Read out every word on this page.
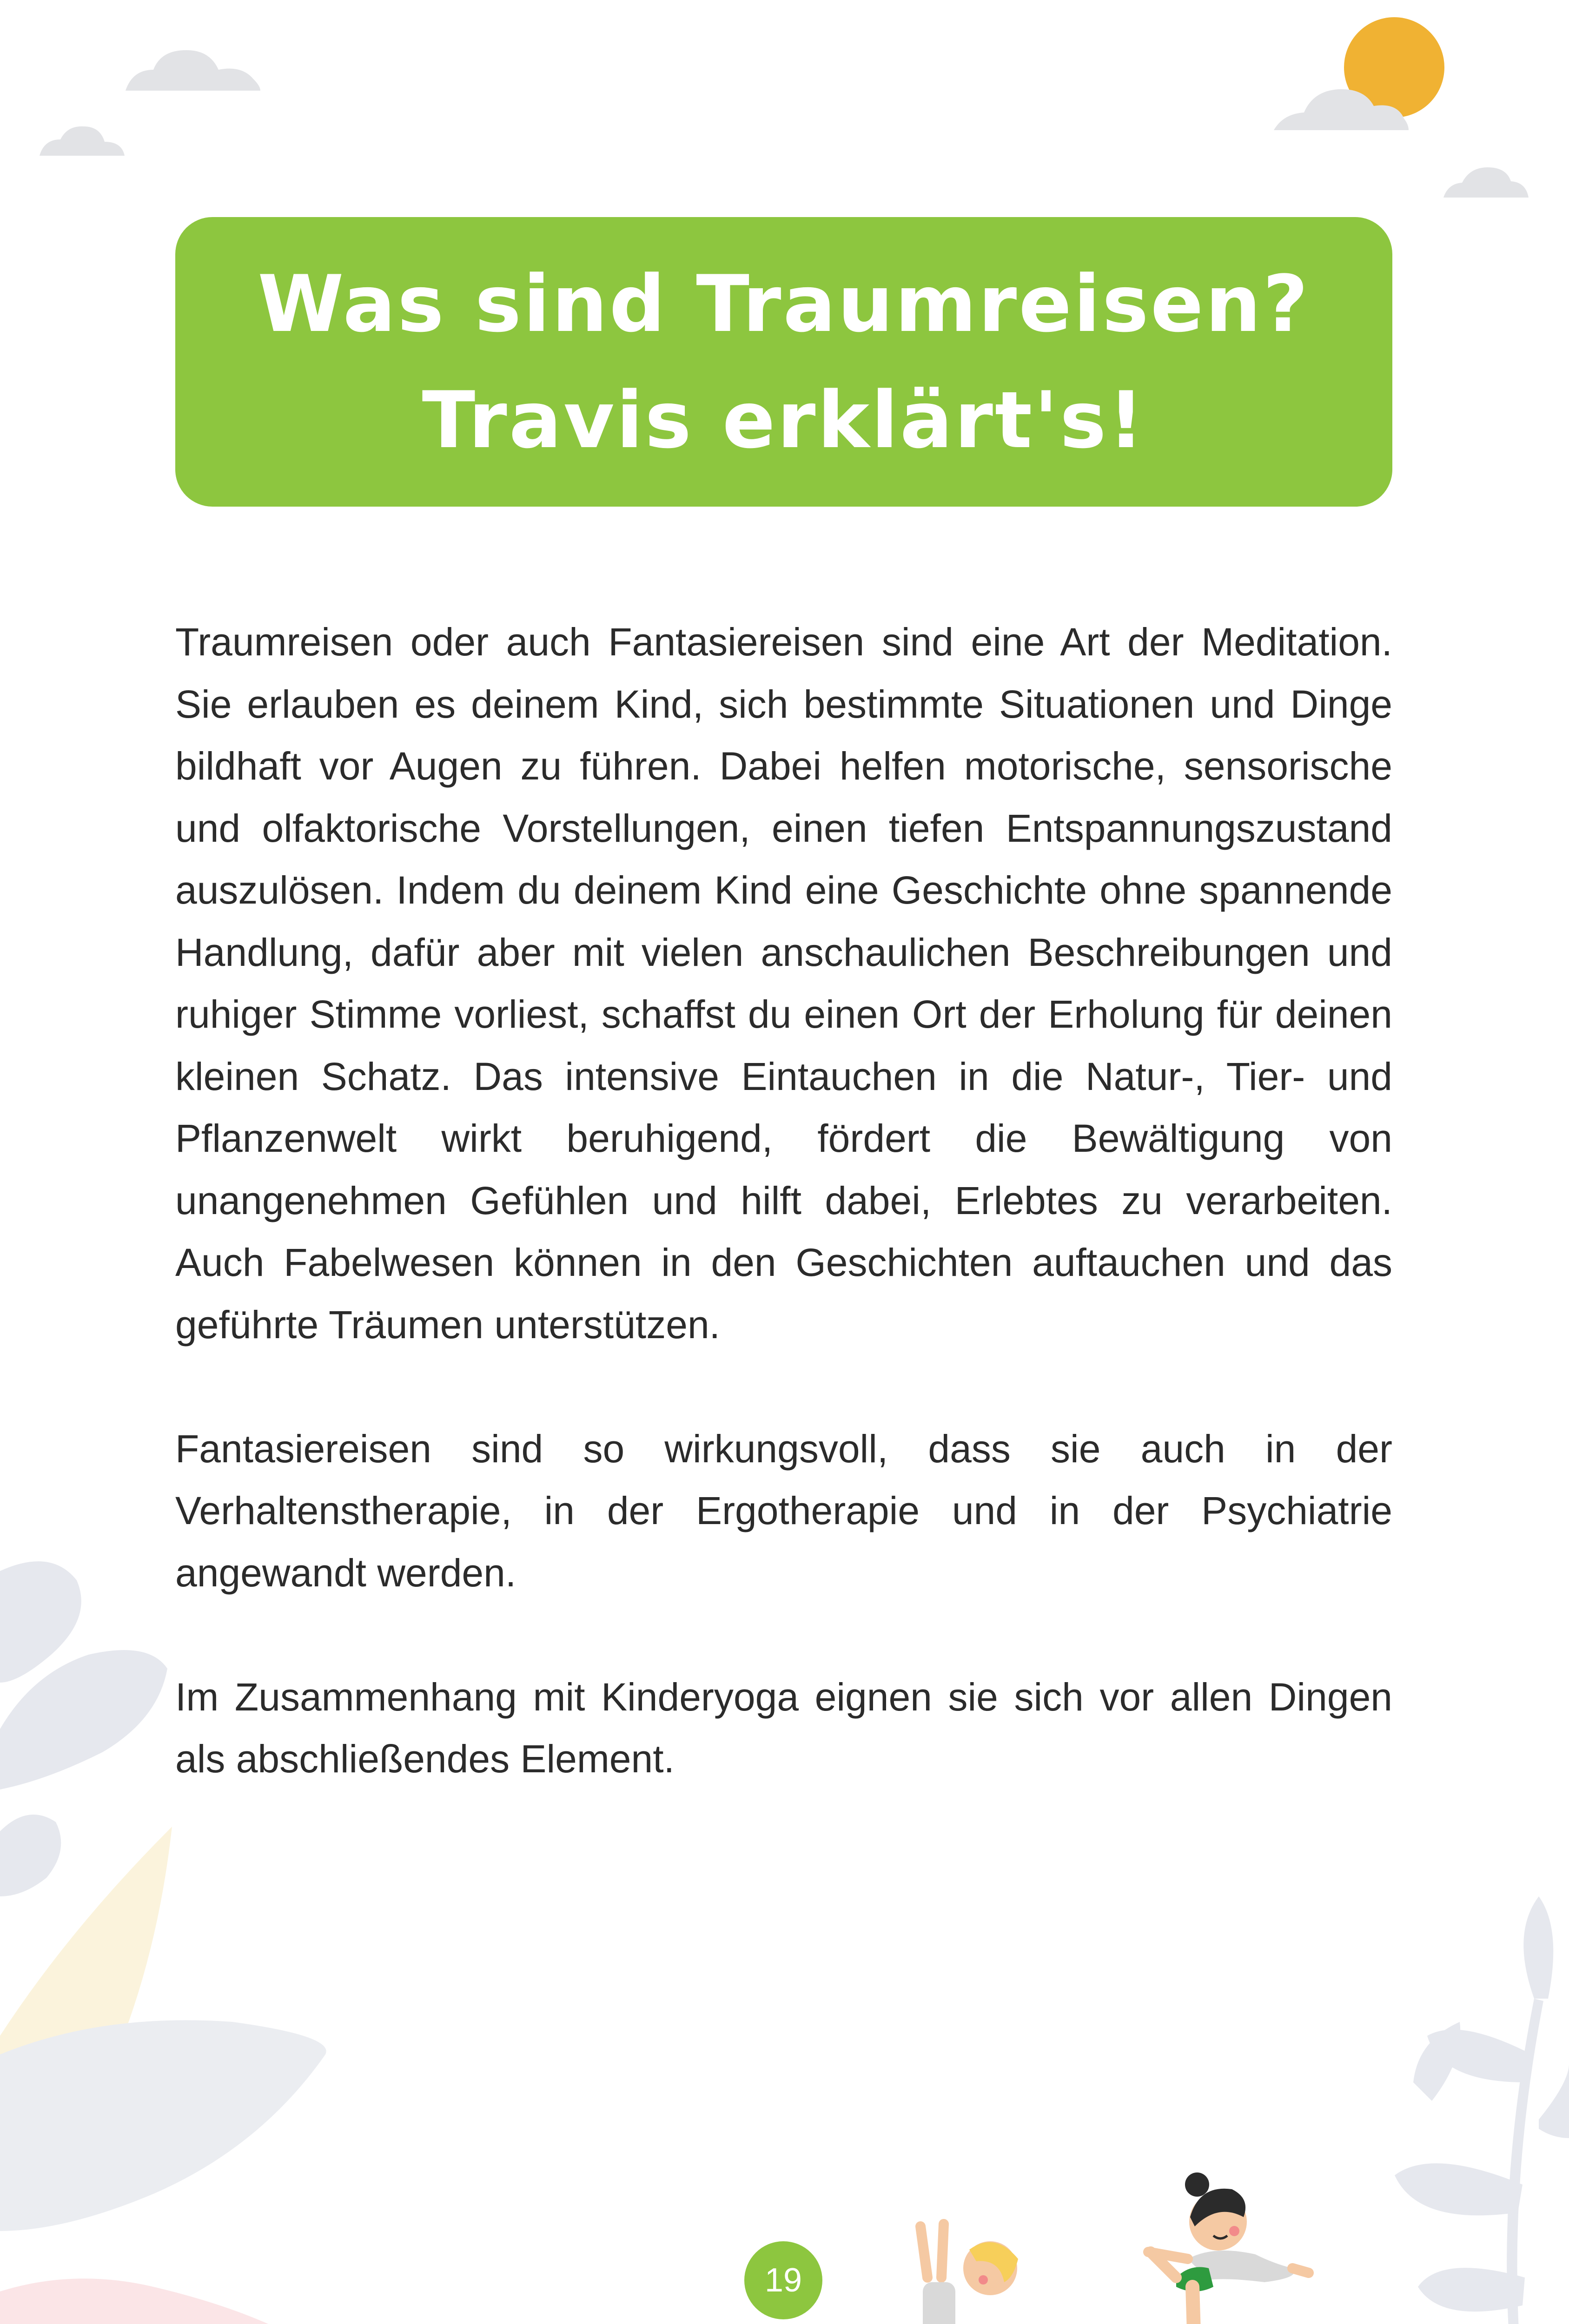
Was sind Traumreisen?
Travis erklärt's!

Traumreisen oder auch Fantasiereisen sind eine Art der Meditation. Sie erlauben es deinem Kind, sich bestimmte Situationen und Dinge bildhaft vor Augen zu führen. Dabei helfen motorische, sensorische und olfaktorische Vorstellungen, einen tiefen Entspannungszustand auszulösen. Indem du deinem Kind eine Geschichte ohne spannende Handlung, dafür aber mit vielen anschaulichen Beschreibungen und ruhiger Stimme vorliest, schaffst du einen Ort der Erholung für deinen kleinen Schatz. Das intensive Eintauchen in die Natur-, Tier- und Pflanzenwelt wirkt beruhigend, fördert die Bewältigung von unangenehmen Gefühlen und hilft dabei, Erlebtes zu verarbeiten. Auch Fabelwesen können in den Geschichten auftauchen und das geführte Träumen unterstützen.

Fantasiereisen sind so wirkungsvoll, dass sie auch in der Verhaltenstherapie, in der Ergotherapie und in der Psychiatrie angewandt werden.

Im Zusammenhang mit Kinderyoga eignen sie sich vor allen Dingen als abschließendes Element.

19
